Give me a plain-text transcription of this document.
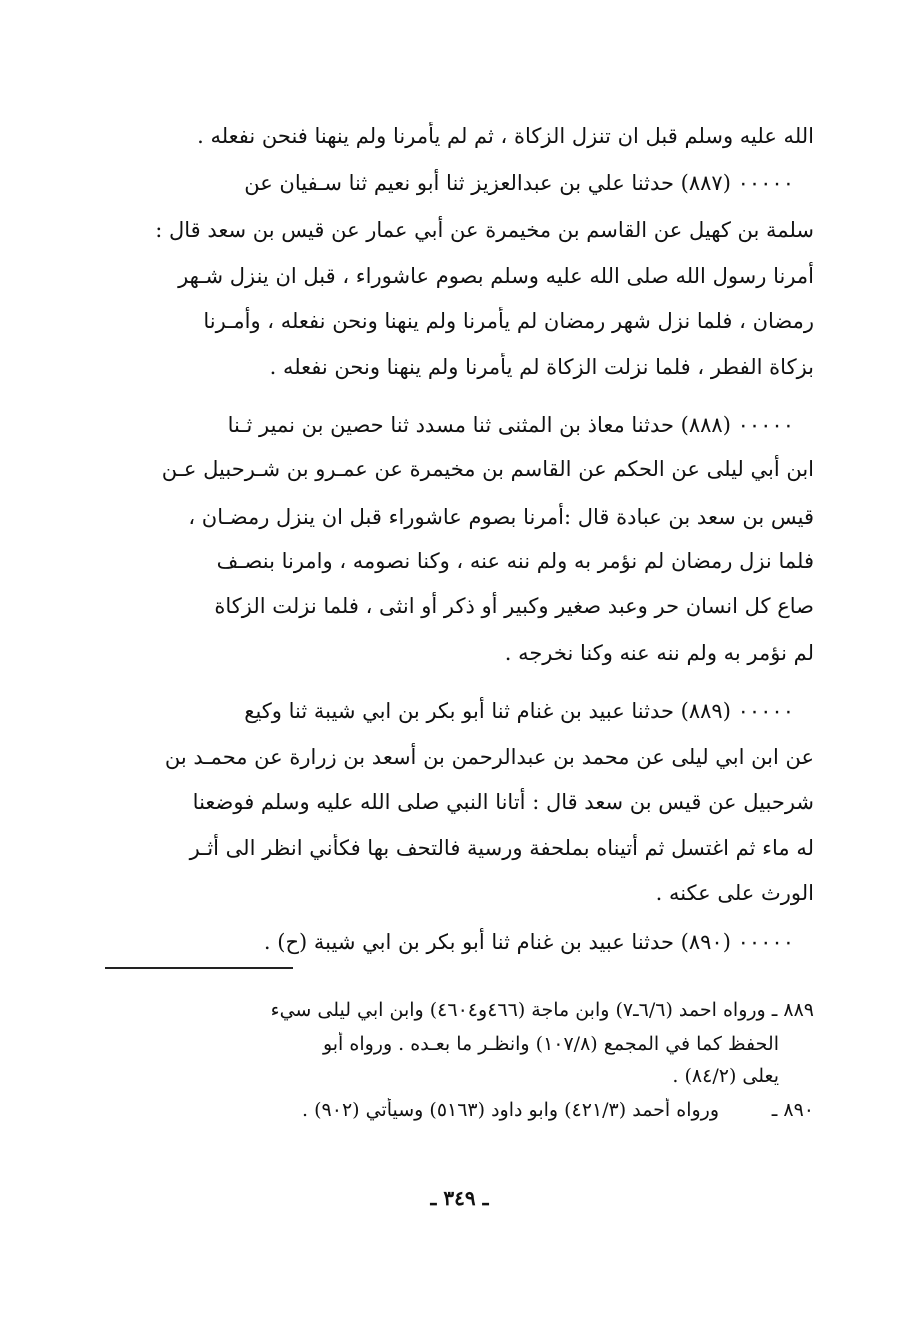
الله عليه وسلم قبل ان تنزل الزكاة ، ثم لم يأمرنا ولم ينهنا فنحن نفعله .
٠٠٠٠٠ (٨٨٧) حدثنا علي بن عبدالعزيز ثنا أبو نعيم ثنا سـفيان عن
سلمة بن كهيل عن القاسم بن مخيمرة عن أبي عمار عن قيس بن سعد قال :
أمرنا رسول الله صلى الله عليه وسلم بصوم عاشوراء ، قبل ان ينزل شـهر
رمضان ، فلما نزل شهر رمضان لم يأمرنا ولم ينهنا ونحن نفعله ، وأمـرنا
بزكاة الفطر ، فلما نزلت الزكاة لم يأمرنا ولم ينهنا ونحن نفعله .
٠٠٠٠٠ (٨٨٨) حدثنا معاذ بن المثنى ثنا مسدد ثنا حصين بن نمير ثـنا
ابن أبي ليلى عن الحكم عن القاسم بن مخيمرة عن عمـرو بن شـرحبيل عـن
قيس بن سعد بن عبادة قال :أمرنا بصوم عاشوراء قبل ان ينزل رمضـان ،
فلما نزل رمضان لم نؤمر به ولم ننه عنه ، وكنا نصومه ، وامرنا بنصـف
صاع كل انسان حر وعبد صغير وكبير أو ذكر أو انثى ، فلما نزلت الزكاة
لم نؤمر به ولم ننه عنه وكنا نخرجه .
٠٠٠٠٠ (٨٨٩) حدثنا عبيد بن غنام ثنا أبو بكر بن ابي شيبة ثنا وكيع
عن ابن ابي ليلى عن محمد بن عبدالرحمن بن أسعد بن زرارة عن محمـد بن
شرحبيل عن قيس بن سعد قال : أتانا النبي صلى الله عليه وسلم فوضعنا
له ماء ثم اغتسل ثم أتيناه بملحفة ورسية فالتحف بها فكأني انظر الى أثـر
الورث على عكنه .
٠٠٠٠٠ (٨٩٠) حدثنا عبيد بن غنام ثنا أبو بكر بن ابي شيبة (ح) .
٨٨٩ ـ ورواه احمد (٦/٦ـ٧) وابن ماجة (٤٦٦و٤٦٠٤) وابن ابي ليلى سيء
الحفظ كما في المجمع (١٠٧/٨) وانظـر ما بعـده . ورواه أبو
يعلى (٨٤/٢) .
٨٩٠ ـ
ورواه أحمد (٤٢١/٣) وابو داود (٥١٦٣) وسيأتي (٩٠٢) .
ـ ٣٤٩ ـ
